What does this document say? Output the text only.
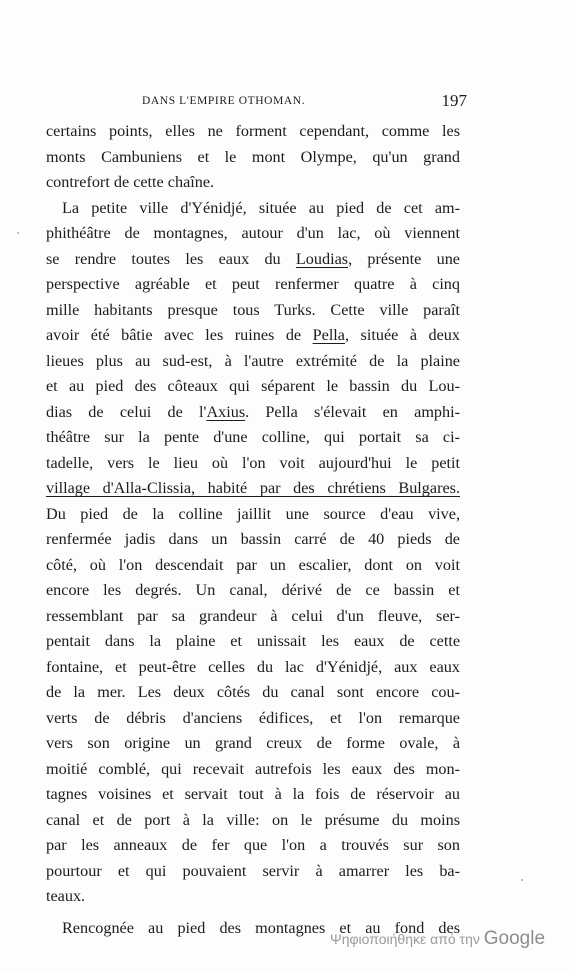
DANS L'EMPIRE OTHOMAN.	197
certains points, elles ne forment cependant, comme les
monts Cambuniens et le mont Olympe, qu'un grand
contrefort de cette chaîne.
La petite ville d'Yénidjé, située au pied de cet am-
phithéâtre de montagnes, autour d'un lac, où viennent
se rendre toutes les eaux du Loudias, présente une
perspective agréable et peut renfermer quatre à cinq
mille habitants presque tous Turks. Cette ville paraît
avoir été bâtie avec les ruines de Pella, située à deux
lieues plus au sud-est, à l'autre extrémité de la plaine
et au pied des côteaux qui séparent le bassin du Lou-
dias de celui de l'Axius. Pella s'élevait en amphi-
théâtre sur la pente d'une colline, qui portait sa ci-
tadelle, vers le lieu où l'on voit aujourd'hui le petit
village d'Alla-Clissia, habité par des chrétiens Bulgares.
Du pied de la colline jaillit une source d'eau vive,
renfermée jadis dans un bassin carré de 40 pieds de
côté, où l'on descendait par un escalier, dont on voit
encore les degrés. Un canal, dérivé de ce bassin et
ressemblant par sa grandeur à celui d'un fleuve, ser-
pentait dans la plaine et unissait les eaux de cette
fontaine, et peut-être celles du lac d'Yénidjé, aux eaux
de la mer. Les deux côtés du canal sont encore cou-
verts de débris d'anciens édifices, et l'on remarque
vers son origine un grand creux de forme ovale, à
moitié comblé, qui recevait autrefois les eaux des mon-
tagnes voisines et servait tout à la fois de réservoir au
canal et de port à la ville: on le présume du moins
par les anneaux de fer que l'on a trouvés sur son
pourtour et qui pouvaient servir à amarrer les ba-
teaux.
Rencognée au pied des montagnes et au fond des
Ψηφιοποιήθηκε από την Google
